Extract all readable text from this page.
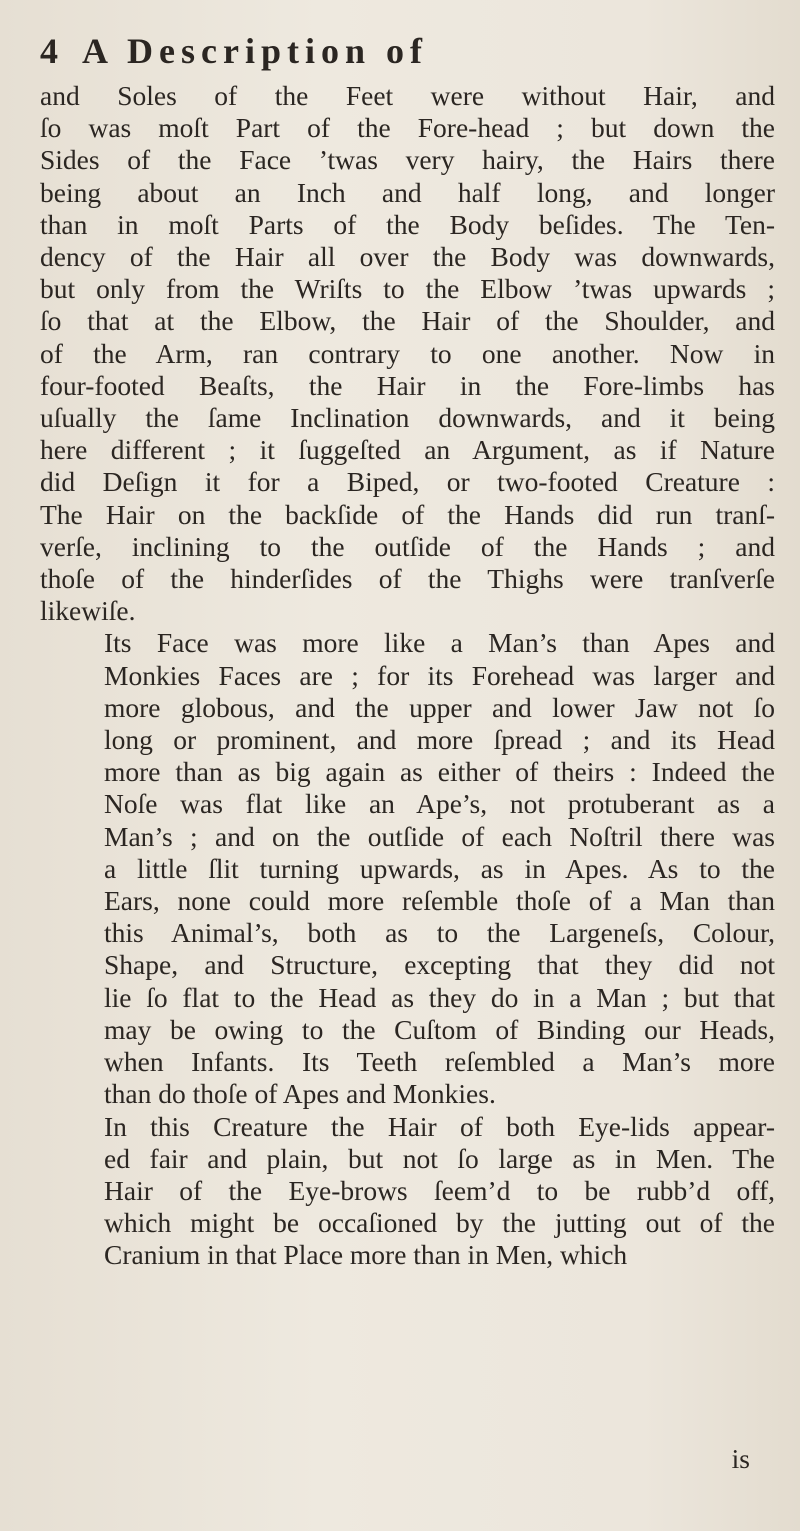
4 A Description of

and Soles of the Feet were without Hair, and
ſo was moſt Part of the Fore-head ; but down the
Sides of the Face ’twas very hairy, the Hairs there
being about an Inch and half long, and longer
than in moſt Parts of the Body beſides. The Ten-
dency of the Hair all over the Body was downwards,
but only from the Wriſts to the Elbow ’twas upwards ;
ſo that at the Elbow, the Hair of the Shoulder, and
of the Arm, ran contrary to one another. Now in
four-footed Beaſts, the Hair in the Fore-limbs has
uſually the ſame Inclination downwards, and it being
here different ; it ſuggeſted an Argument, as if Nature
did Deſign it for a Biped, or two-footed Creature :
The Hair on the backſide of the Hands did run tranſ-
verſe, inclining to the outſide of the Hands ; and
thoſe of the hinderſides of the Thighs were tranſverſe
likewiſe.

Its Face was more like a Man’s than Apes and
Monkies Faces are ; for its Forehead was larger and
more globous, and the upper and lower Jaw not ſo
long or prominent, and more ſpread ; and its Head
more than as big again as either of theirs : Indeed the
Noſe was flat like an Ape’s, not protuberant as a
Man’s ; and on the outſide of each Noſtril there was
a little ſlit turning upwards, as in Apes. As to the
Ears, none could more reſemble thoſe of a Man than
this Animal’s, both as to the Largeneſs, Colour,
Shape, and Structure, excepting that they did not
lie ſo flat to the Head as they do in a Man ; but that
may be owing to the Cuſtom of Binding our Heads,
when Infants. Its Teeth reſembled a Man’s more
than do thoſe of Apes and Monkies.

In this Creature the Hair of both Eye-lids appear-
ed fair and plain, but not ſo large as in Men. The
Hair of the Eye-brows ſeem’d to be rubb’d off,
which might be occaſioned by the jutting out of the
Cranium in that Place more than in Men, which

is
